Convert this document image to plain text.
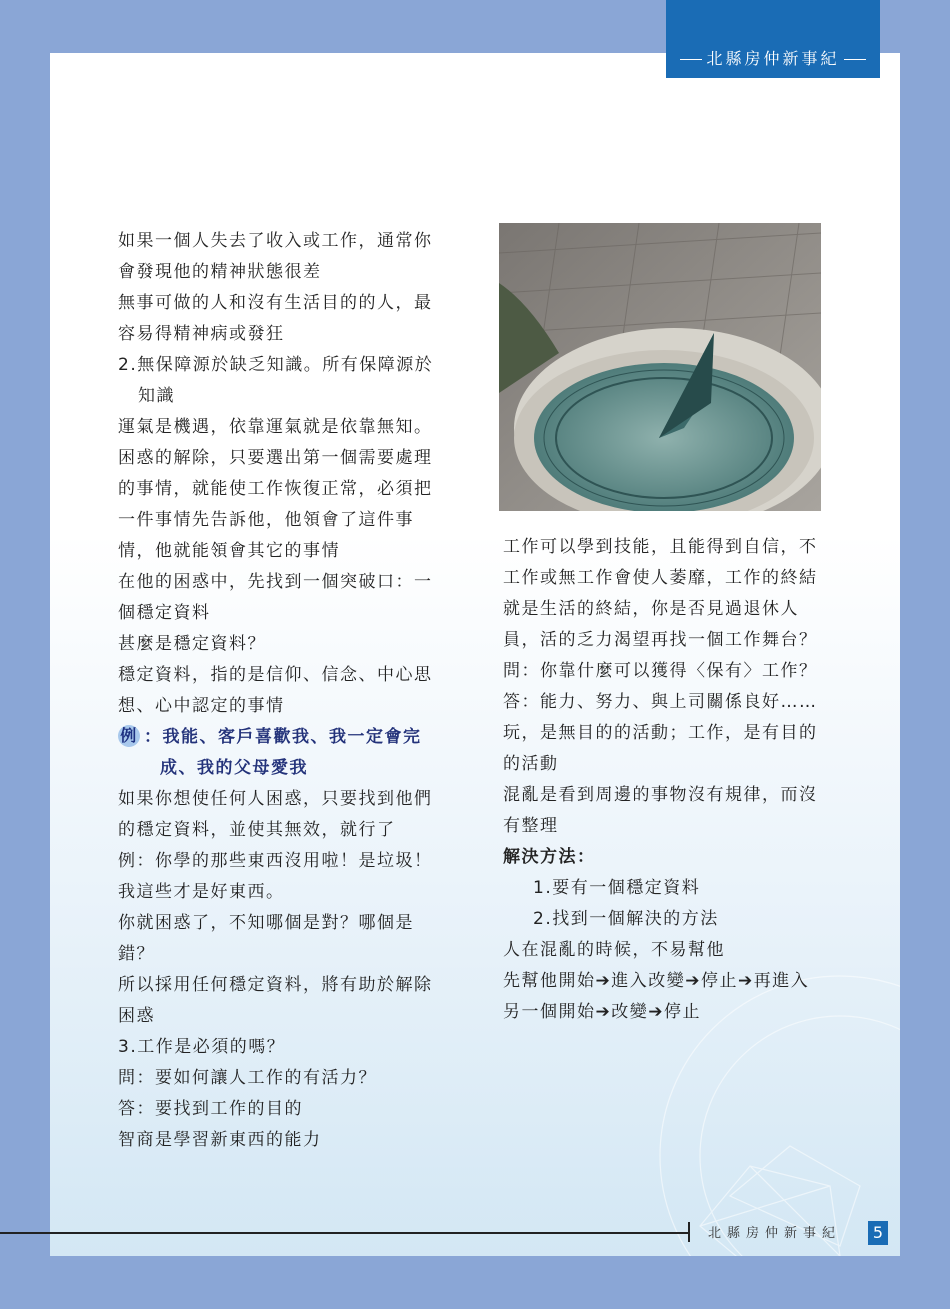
北縣房仲新事紀
如果一個人失去了收入或工作，通常你
會發現他的精神狀態很差
無事可做的人和沒有生活目的的人，最
容易得精神病或發狂
2.無保障源於缺乏知識。所有保障源於
知識
運氣是機遇，依靠運氣就是依靠無知。
困惑的解除，只要選出第一個需要處理
的事情，就能使工作恢復正常，必須把
一件事情先告訴他，他領會了這件事
情，他就能領會其它的事情
在他的困惑中，先找到一個突破口：一
個穩定資料
甚麼是穩定資料？
穩定資料，指的是信仰、信念、中心思
想、心中認定的事情
例 ：我能、客戶喜歡我、我一定會完
成、我的父母愛我
如果你想使任何人困惑，只要找到他們
的穩定資料，並使其無效，就行了
例：你學的那些東西沒用啦！是垃圾！
我這些才是好東西。
你就困惑了，不知哪個是對？哪個是
錯？
所以採用任何穩定資料，將有助於解除
困惑
3.工作是必須的嗎？
問：要如何讓人工作的有活力？
答：要找到工作的目的
智商是學習新東西的能力
工作可以學到技能，且能得到自信，不
工作或無工作會使人萎靡，工作的終結
就是生活的終結，你是否見過退休人
員，活的乏力渴望再找一個工作舞台？
問：你靠什麼可以獲得〈保有〉工作？
答：能力、努力、與上司關係良好……
玩，是無目的的活動；工作，是有目的
的活動
混亂是看到周邊的事物沒有規律，而沒
有整理
解決方法：
1.要有一個穩定資料
2.找到一個解決的方法
人在混亂的時候，不易幫他
先幫他開始➔進入改變➔停止➔再進入
另一個開始➔改變➔停止
北縣房仲新事紀	5
